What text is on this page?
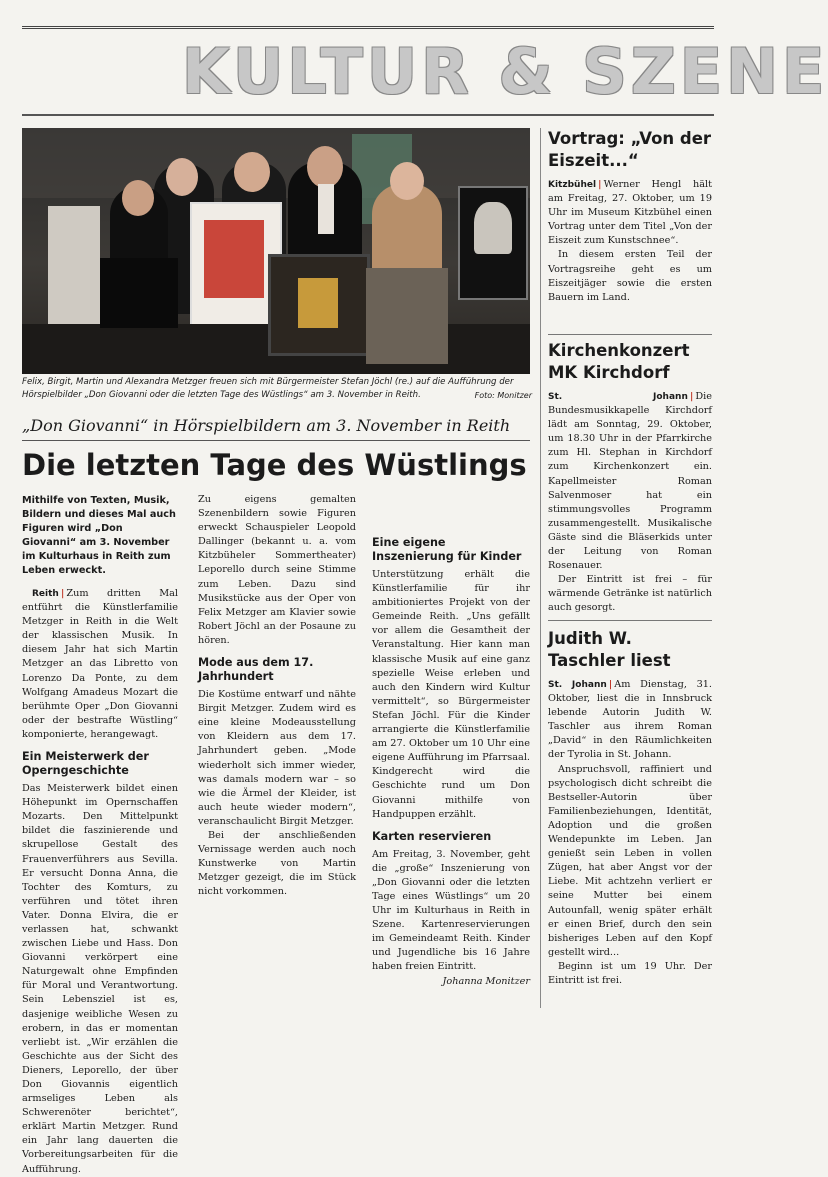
KULTUR & SZENE
Felix, Birgit, Martin und Alexandra Metzger freuen sich mit Bürgermeister Stefan Jöchl (re.) auf die Aufführung der Hörspielbilder „Don Giovanni oder die letzten Tage des Wüstlings“ am 3. November in Reith.	Foto: Monitzer
„Don Giovanni“ in Hörspielbildern am 3. November in Reith
Die letzten Tage des Wüstlings

Mithilfe von Texten, Musik, Bildern und dieses Mal auch Figuren wird „Don Giovanni“ am 3. November im Kulturhaus in Reith zum Leben erweckt.

Reith | Zum dritten Mal entführt die Künstlerfamilie Metzger in Reith in die Welt der klassischen Musik. In diesem Jahr hat sich Martin Metzger an das Libretto von Lorenzo Da Ponte, zu dem Wolfgang Amadeus Mozart die berühmte Oper „Don Giovanni oder der bestrafte Wüstling“ komponierte, herangewagt.

Ein Meisterwerk der Operngeschichte

Das Meisterwerk bildet einen Höhepunkt im Opernschaffen Mozarts. Den Mittelpunkt bildet die faszinierende und skrupellose Gestalt des Frauenverführers aus Sevilla. Er versucht Donna Anna, die Tochter des Komturs, zu verführen und tötet ihren Vater. Donna Elvira, die er verlassen hat, schwankt zwischen Liebe und Hass. Don Giovanni verkörpert eine Naturgewalt ohne Empfinden für Moral und Verantwortung. Sein Lebensziel ist es, dasjenige weibliche Wesen zu erobern, in das er momentan verliebt ist. „Wir erzählen die Geschichte aus der Sicht des Dieners, Leporello, der über Don Giovannis eigentlich armseliges Leben als Schwerenöter berichtet“, erklärt Martin Metzger. Rund ein Jahr lang dauerten die Vorbereitungsarbeiten für die Aufführung.

Zu eigens gemalten Szenenbildern sowie Figuren erweckt Schauspieler Leopold Dallinger (bekannt u. a. vom Kitzbüheler Sommertheater) Leporello durch seine Stimme zum Leben. Dazu sind Musikstücke aus der Oper von Felix Metzger am Klavier sowie Robert Jöchl an der Posaune zu hören.

Mode aus dem 17. Jahrhundert

Die Kostüme entwarf und nähte Birgit Metzger. Zudem wird es eine kleine Modeausstellung von Kleidern aus dem 17. Jahrhundert geben. „Mode wiederholt sich immer wieder, was damals modern war – so wie die Ärmel der Kleider, ist auch heute wieder modern“, veranschaulicht Birgit Metzger.

Bei der anschließenden Vernissage werden auch noch Kunstwerke von Martin Metzger gezeigt, die im Stück nicht vorkommen.

Eine eigene Inszenierung für Kinder

Unterstützung erhält die Künstlerfamilie für ihr ambitioniertes Projekt von der Gemeinde Reith. „Uns gefällt vor allem die Gesamtheit der Veranstaltung. Hier kann man klassische Musik auf eine ganz spezielle Weise erleben und auch den Kindern wird Kultur vermittelt“, so Bürgermeister Stefan Jöchl. Für die Kinder arrangierte die Künstlerfamilie am 27. Oktober um 10 Uhr eine eigene Aufführung im Pfarrsaal. Kindgerecht wird die Geschichte rund um Don Giovanni mithilfe von Handpuppen erzählt.

Karten reservieren

Am Freitag, 3. November, geht die „große“ Inszenierung von „Don Giovanni oder die letzten Tage eines Wüstlings“ um 20 Uhr im Kulturhaus in Reith in Szene. Kartenreservierungen im Gemeindeamt Reith. Kinder und Jugendliche bis 16 Jahre haben freien Eintritt.

Johanna Monitzer

Vortrag: „Von der Eiszeit...“

Kitzbühel | Werner Hengl hält am Freitag, 27. Oktober, um 19 Uhr im Museum Kitzbühel einen Vortrag unter dem Titel „Von der Eiszeit zum Kunstschnee“.

In diesem ersten Teil der Vortragsreihe geht es um Eiszeitjäger sowie die ersten Bauern im Land.

Kirchenkonzert MK Kirchdorf

St. Johann | Die Bundesmusikkapelle Kirchdorf lädt am Sonntag, 29. Oktober, um 18.30 Uhr in der Pfarrkirche zum Hl. Stephan in Kirchdorf zum Kirchenkonzert ein. Kapellmeister Roman Salvenmoser hat ein stimmungsvolles Programm zusammengestellt. Musikalische Gäste sind die Bläserkids unter der Leitung von Roman Rosenauer.

Der Eintritt ist frei – für wärmende Getränke ist natürlich auch gesorgt.

Judith W. Taschler liest

St. Johann | Am Dienstag, 31. Oktober, liest die in Innsbruck lebende Autorin Judith W. Taschler aus ihrem Roman „David“ in den Räumlichkeiten der Tyrolia in St. Johann.

Anspruchsvoll, raffiniert und psychologisch dicht schreibt die Bestseller-Autorin über Familienbeziehungen, Identität, Adoption und die großen Wendepunkte im Leben. Jan genießt sein Leben in vollen Zügen, hat aber Angst vor der Liebe. Mit achtzehn verliert er seine Mutter bei einem Autounfall, wenig später erhält er einen Brief, durch den sein bisheriges Leben auf den Kopf gestellt wird...

Beginn ist um 19 Uhr. Der Eintritt ist frei.
